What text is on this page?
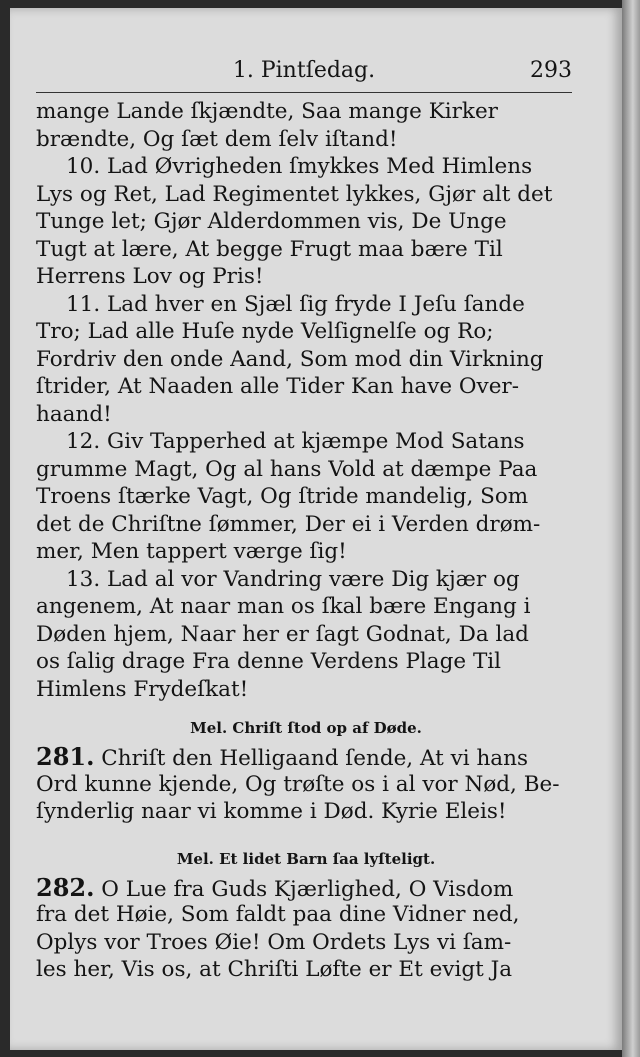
1. Pintſedag.	293
mange Lande ſkjændte, Saa mange Kirker
brændte, Og ſæt dem ſelv iſtand!
10. Lad Øvrigheden ſmykkes Med Himlens
Lys og Ret, Lad Regimentet lykkes, Gjør alt det
Tunge let; Gjør Alderdommen vis, De Unge
Tugt at lære, At begge Frugt maa bære Til
Herrens Lov og Pris!
11. Lad hver en Sjæl ſig fryde I Jeſu ſande
Tro; Lad alle Huſe nyde Velſignelſe og Ro;
Fordriv den onde Aand, Som mod din Virkning
ſtrider, At Naaden alle Tider Kan have Over-
haand!
12. Giv Tapperhed at kjæmpe Mod Satans
grumme Magt, Og al hans Vold at dæmpe Paa
Troens ſtærke Vagt, Og ſtride mandelig, Som
det de Chriſtne ſømmer, Der ei i Verden drøm-
mer, Men tappert værge ſig!
13. Lad al vor Vandring være Dig kjær og
angenem, At naar man os ſkal bære Engang i
Døden hjem, Naar her er ſagt Godnat, Da lad
os ſalig drage Fra denne Verdens Plage Til
Himlens Frydeſkat!
Mel. Chriſt ſtod op af Døde.
281. Chriſt den Helligaand ſende, At vi hans
Ord kunne kjende, Og trøſte os i al vor Nød, Be-
ſynderlig naar vi komme i Død. Kyrie Eleis!
Mel. Et lidet Barn ſaa lyſteligt.
282. O Lue fra Guds Kjærlighed, O Visdom
fra det Høie, Som faldt paa dine Vidner ned,
Oplys vor Troes Øie! Om Ordets Lys vi ſam-
les her, Vis os, at Chriſti Løfte er Et evigt Ja
